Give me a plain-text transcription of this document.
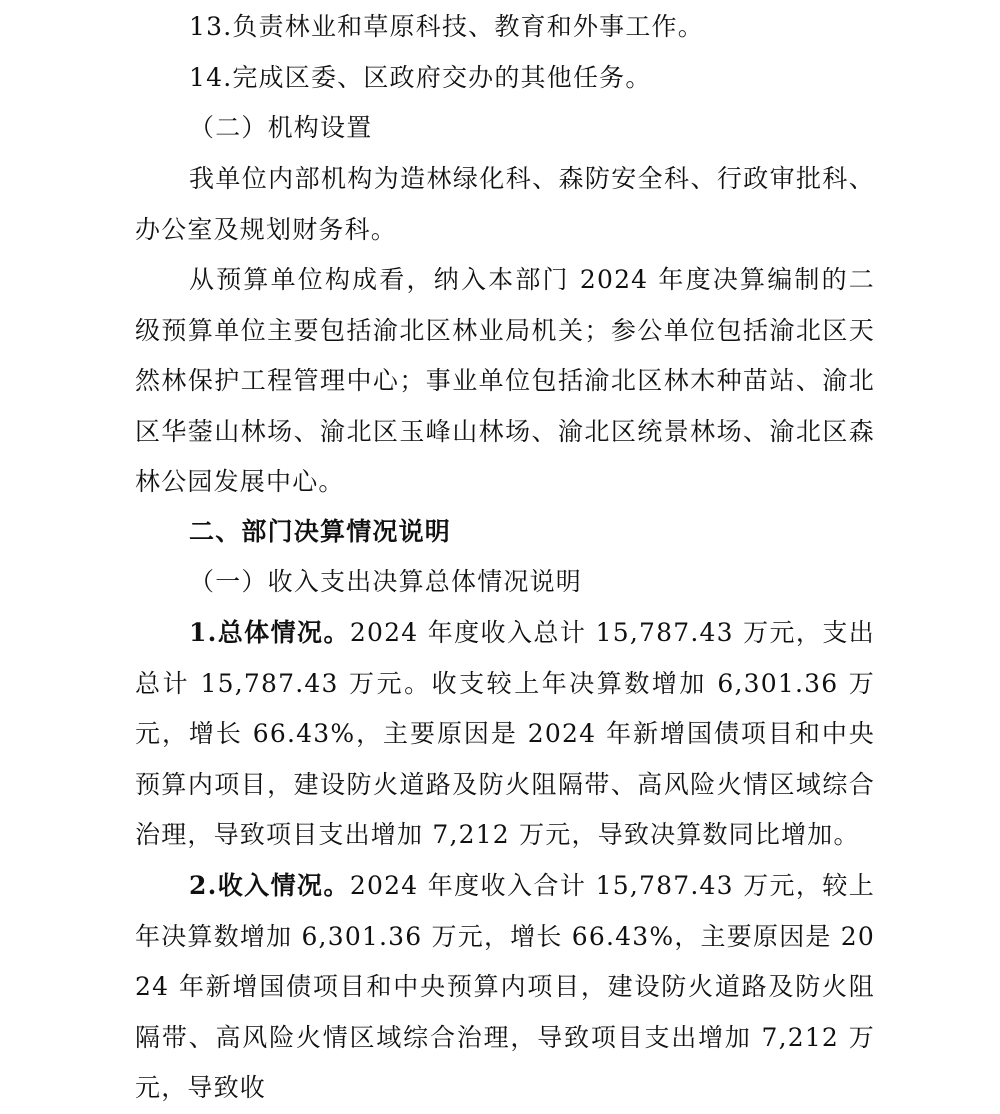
13.负责林业和草原科技、教育和外事工作。

14.完成区委、区政府交办的其他任务。

（二）机构设置

我单位内部机构为造林绿化科、森防安全科、行政审批科、办公室及规划财务科。

从预算单位构成看，纳入本部门 2024 年度决算编制的二级预算单位主要包括渝北区林业局机关；参公单位包括渝北区天然林保护工程管理中心；事业单位包括渝北区林木种苗站、渝北区华蓥山林场、渝北区玉峰山林场、渝北区统景林场、渝北区森林公园发展中心。

二、部门决算情况说明

（一）收入支出决算总体情况说明

1.总体情况。2024 年度收入总计 15,787.43 万元，支出总计 15,787.43 万元。收支较上年决算数增加 6,301.36 万元，增长 66.43%，主要原因是 2024 年新增国债项目和中央预算内项目，建设防火道路及防火阻隔带、高风险火情区域综合治理，导致项目支出增加 7,212 万元，导致决算数同比增加。

2.收入情况。2024 年度收入合计 15,787.43 万元，较上年决算数增加 6,301.36 万元，增长 66.43%，主要原因是 2024 年新增国债项目和中央预算内项目，建设防火道路及防火阻隔带、高风险火情区域综合治理，导致项目支出增加 7,212 万元，导致收
